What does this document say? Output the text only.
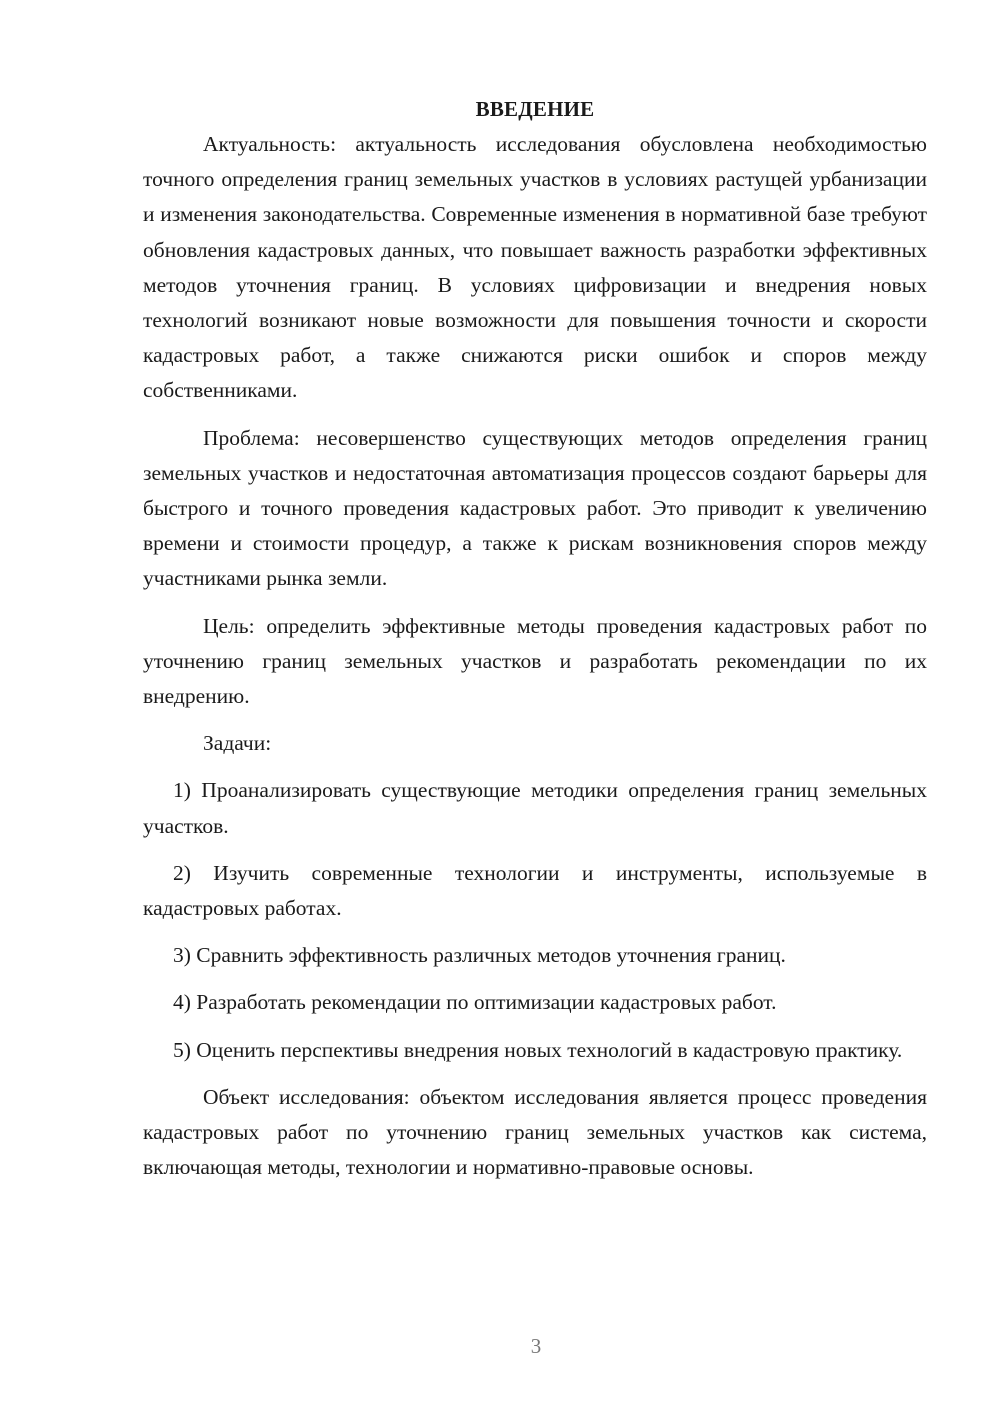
ВВЕДЕНИЕ

Актуальность: актуальность исследования обусловлена необходимостью точного определения границ земельных участков в условиях растущей урбанизации и изменения законодательства. Современные изменения в нормативной базе требуют обновления кадастровых данных, что повышает важность разработки эффективных методов уточнения границ. В условиях цифровизации и внедрения новых технологий возникают новые возможности для повышения точности и скорости кадастровых работ, а также снижаются риски ошибок и споров между собственниками.

Проблема: несовершенство существующих методов определения границ земельных участков и недостаточная автоматизация процессов создают барьеры для быстрого и точного проведения кадастровых работ. Это приводит к увеличению времени и стоимости процедур, а также к рискам возникновения споров между участниками рынка земли.

Цель: определить эффективные методы проведения кадастровых работ по уточнению границ земельных участков и разработать рекомендации по их внедрению.

Задачи:

1) Проанализировать существующие методики определения границ земельных участков.

2) Изучить современные технологии и инструменты, используемые в кадастровых работах.

3) Сравнить эффективность различных методов уточнения границ.

4) Разработать рекомендации по оптимизации кадастровых работ.

5) Оценить перспективы внедрения новых технологий в кадастровую практику.

Объект исследования: объектом исследования является процесс проведения кадастровых работ по уточнению границ земельных участков как система, включающая методы, технологии и нормативно-правовые основы.

3
